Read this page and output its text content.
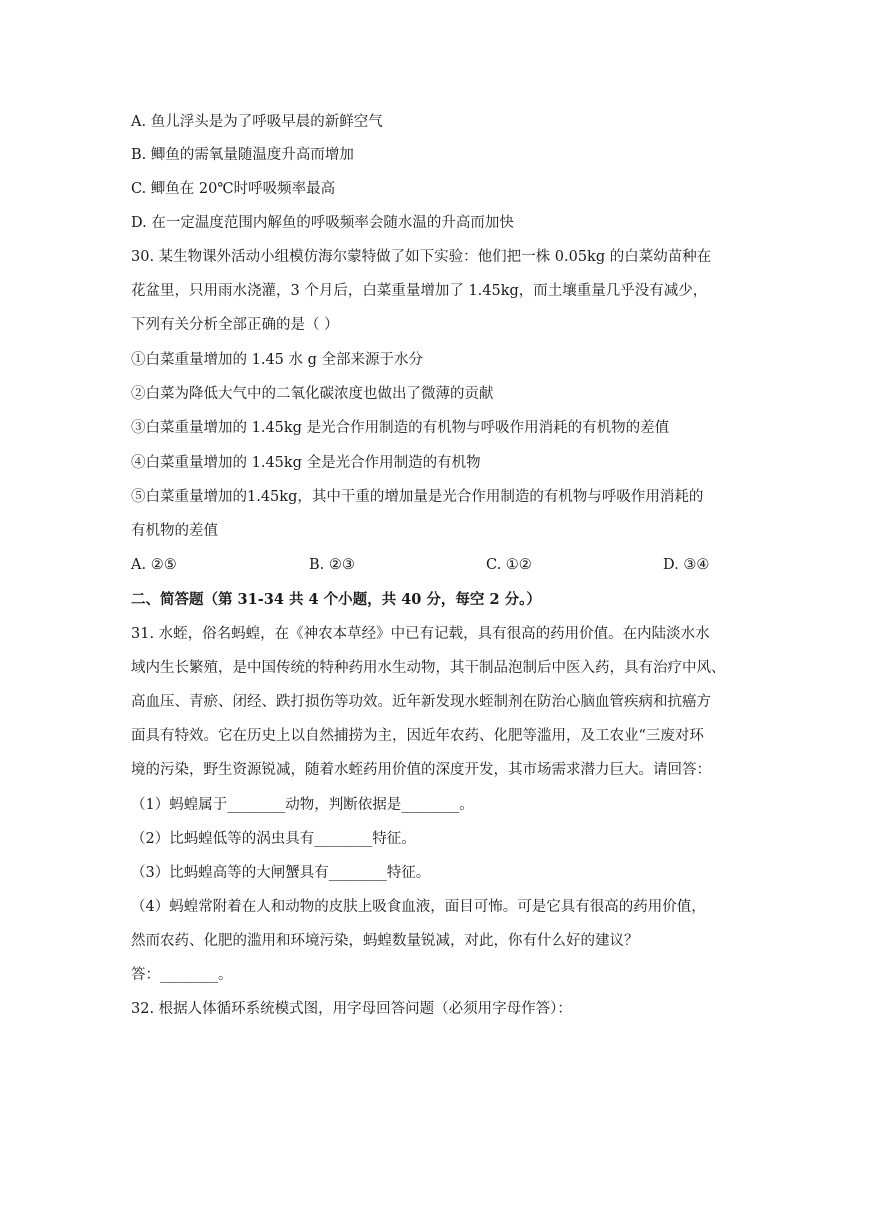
A. 鱼儿浮头是为了呼吸早晨的新鲜空气
B. 鲫鱼的需氧量随温度升高而增加
C. 鲫鱼在 20℃时呼吸频率最高
D. 在一定温度范围内解鱼的呼吸频率会随水温的升高而加快
30. 某生物课外活动小组模仿海尔蒙特做了如下实验：他们把一株 0.05kg 的白菜幼苗种在
花盆里，只用雨水浇灌，3 个月后，白菜重量增加了 1.45kg，而土壤重量几乎没有减少，
下列有关分析全部正确的是（ ）
①白菜重量增加的 1.45 水 g 全部来源于水分
②白菜为降低大气中的二氧化碳浓度也做出了微薄的贡献
③白菜重量增加的 1.45kg 是光合作用制造的有机物与呼吸作用消耗的有机物的差值
④白菜重量增加的 1.45kg 全是光合作用制造的有机物
⑤白菜重量增加的1.45kg，其中干重的增加量是光合作用制造的有机物与呼吸作用消耗的
有机物的差值
A. ②⑤	B. ②③	C. ①②	D. ③④
二、简答题（第 31-34 共 4 个小题，共 40 分，每空 2 分。）
31. 水蛭，俗名蚂蝗，在《神农本草经》中已有记载，具有很高的药用价值。在内陆淡水水
域内生长繁殖，是中国传统的特种药用水生动物，其干制品泡制后中医入药，具有治疗中风、
高血压、青瘀、闭经、跌打损伤等功效。近年新发现水蛭制剂在防治心脑血管疾病和抗癌方
面具有特效。它在历史上以自然捕捞为主，因近年农药、化肥等滥用，及工农业“三废对环
境的污染，野生资源锐减，随着水蛭药用价值的深度开发，其市场需求潜力巨大。请回答：
（1）蚂蝗属于________动物，判断依据是________。
（2）比蚂蝗低等的涡虫具有________特征。
（3）比蚂蝗高等的大闸蟹具有________特征。
（4）蚂蝗常附着在人和动物的皮肤上吸食血液，面目可怖。可是它具有很高的药用价值，
然而农药、化肥的滥用和环境污染，蚂蝗数量锐减，对此，你有什么好的建议？
答：________。
32. 根据人体循环系统模式图，用字母回答问题（必须用字母作答）：
